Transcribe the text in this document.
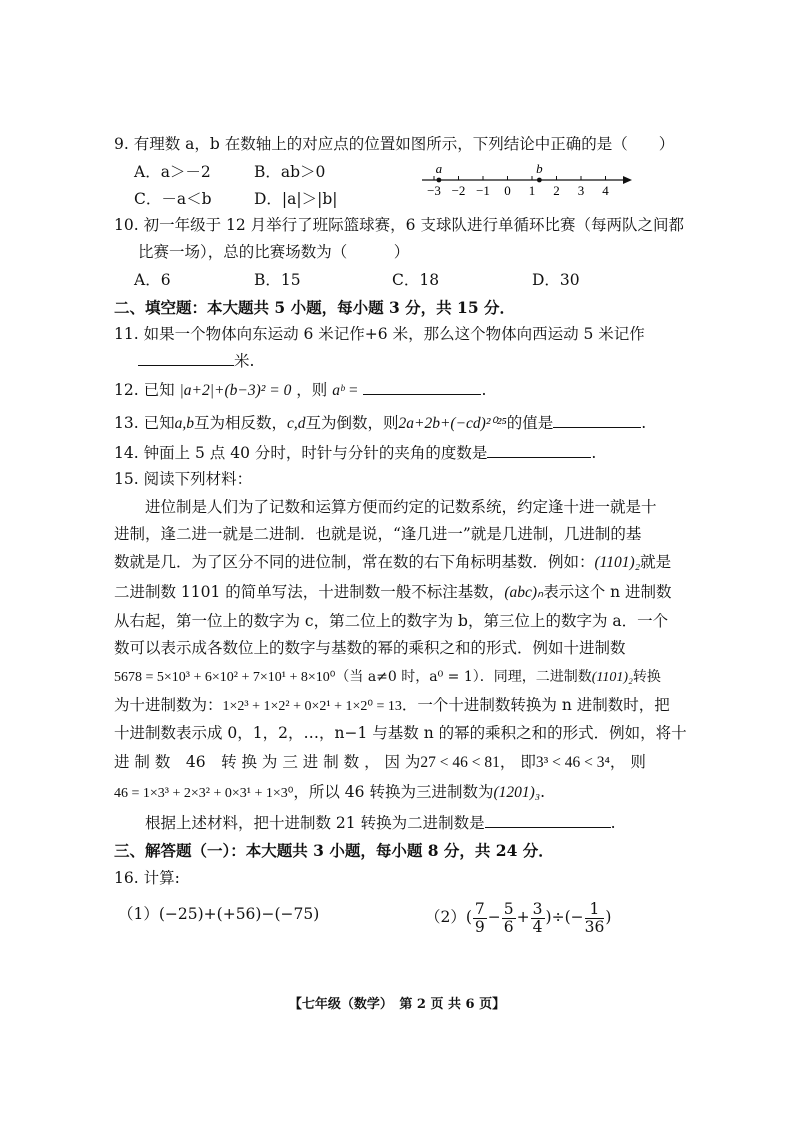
9. 有理数 a，b 在数轴上的对应点的位置如图所示，下列结论中正确的是（　　）
A．a＞－2	B．ab＞0
C．－a＜b	D．|a|＞|b|	−3 −2 −1 0 1 2 3 4
a	b
10. 初一年级于 12 月举行了班际篮球赛，6 支球队进行单循环比赛（每两队之间都
比赛一场），总的比赛场数为（　　　）
A．6	B．15	C．18	D．30
二、填空题：本大题共 5 小题，每小题 3 分，共 15 分．
11. 如果一个物体向东运动 6 米记作+6 米，那么这个物体向西运动 5 米记作
米.
12. 已知 |a+2|+(b−3)² = 0 ，则 aᵇ =	.
13. 已知a,b互为相反数，c,d互为倒数，则2a+2b+(−cd)²⁰²⁵的值是	.
14. 钟面上 5 点 40 分时，时针与分针的夹角的度数是	.
15. 阅读下列材料：
进位制是人们为了记数和运算方便而约定的记数系统，约定逢十进一就是十
进制，逢二进一就是二进制．也就是说，“逢几进一”就是几进制，几进制的基
数就是几．为了区分不同的进位制，常在数的右下角标明基数．例如：(1101)₂就是
二进制数 1101 的简单写法，十进制数一般不标注基数，(abc)ₙ表示这个 n 进制数
从右起，第一位上的数字为 c，第二位上的数字为 b，第三位上的数字为 a．一个
数可以表示成各数位上的数字与基数的幂的乘积之和的形式．例如十进制数
5678 = 5×10³ + 6×10² + 7×10¹ + 8×10⁰（当 a≠0 时，a⁰ = 1）．同理，二进制数(1101)₂转换
为十进制数为：1×2³ + 1×2² + 0×2¹ + 1×2⁰ = 13．一个十进制数转换为 n 进制数时，把
十进制数表示成 0，1，2，…，n−1 与基数 n 的幂的乘积之和的形式．例如，将十
进 制 数　46　转 换 为 三 进 制 数 ， 因 为27 < 46 < 81， 即3³ < 46 < 3⁴， 则
46 = 1×3³ + 2×3² + 0×3¹ + 1×3⁰，所以 46 转换为三进制数为(1201)₃.
根据上述材料，把十进制数 21 转换为二进制数是	.
三、解答题（一）：本大题共 3 小题，每小题 8 分，共 24 分．
16. 计算:
（1）(−25)+(+56)−(−75)	$(2)( \frac{7}{9} - \frac{5}{6} + \frac{3}{4}$ )÷(− $\frac{1}{36}$ )
【七年级（数学）　第 2 页 共 6 页】
